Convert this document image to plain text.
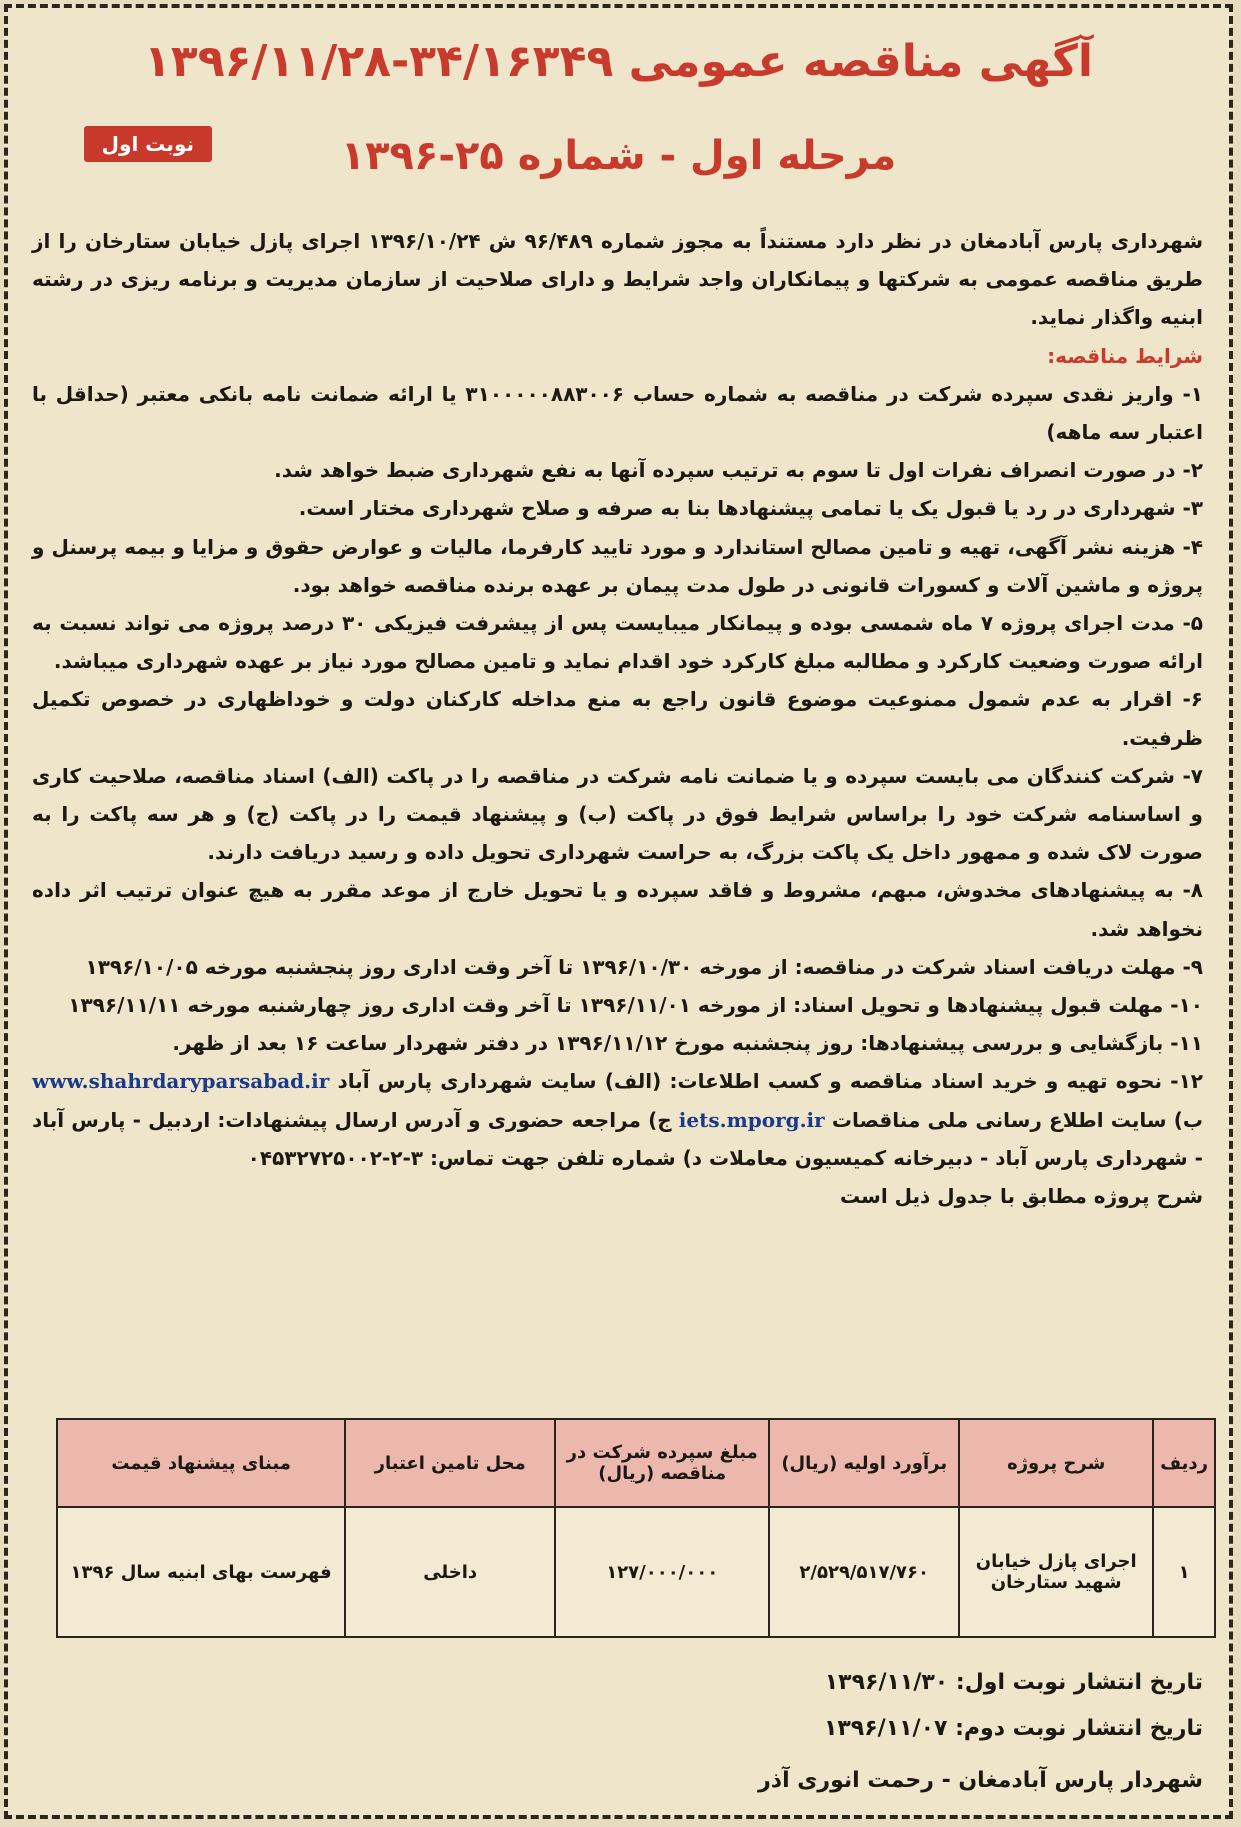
آگهی مناقصه عمومی ۳۴/۱۶۳۴۹-۱۳۹۶/۱۱/۲۸
نوبت اول	مرحله اول - شماره ۲۵-۱۳۹۶

شهرداری پارس آبادمغان در نظر دارد مستنداً به مجوز شماره ۹۶/۴۸۹ ش ۱۳۹۶/۱۰/۲۴ اجرای پازل خیابان ستارخان را از طریق مناقصه عمومی به شرکتها و پیمانکاران واجد شرایط و دارای صلاحیت از سازمان مدیریت و برنامه ریزی در رشته ابنیه واگذار نماید.

شرایط مناقصه:

۱- واریز نقدی سپرده شرکت در مناقصه به شماره حساب ۳۱۰۰۰۰۰۸۸۳۰۰۶ یا ارائه ضمانت نامه بانکی معتبر (حداقل با اعتبار سه ماهه)

۲- در صورت انصراف نفرات اول تا سوم به ترتیب سپرده آنها به نفع شهرداری ضبط خواهد شد.

۳- شهرداری در رد یا قبول یک یا تمامی پیشنهادها بنا به صرفه و صلاح شهرداری مختار است.

۴- هزینه نشر آگهی، تهیه و تامین مصالح استاندارد و مورد تایید کارفرما، مالیات و عوارض حقوق و مزایا و بیمه پرسنل و پروژه و ماشین آلات و کسورات قانونی در طول مدت پیمان بر عهده برنده مناقصه خواهد بود.

۵- مدت اجرای پروژه ۷ ماه شمسی بوده و پیمانکار میبایست پس از پیشرفت فیزیکی ۳۰ درصد پروژه می تواند نسبت به ارائه صورت وضعیت کارکرد و مطالبه مبلغ کارکرد خود اقدام نماید و تامین مصالح مورد نیاز بر عهده شهرداری میباشد.

۶- اقرار به عدم شمول ممنوعیت موضوع قانون راجع به منع مداخله کارکنان دولت و خوداظهاری در خصوص تکمیل ظرفیت.

۷- شرکت کنندگان می بایست سپرده و یا ضمانت نامه شرکت در مناقصه را در پاکت (الف) اسناد مناقصه، صلاحیت کاری و اساسنامه شرکت خود را براساس شرایط فوق در پاکت (ب) و پیشنهاد قیمت را در پاکت (ج) و هر سه پاکت را به صورت لاک شده و ممهور داخل یک پاکت بزرگ، به حراست شهرداری تحویل داده و رسید دریافت دارند.

۸- به پیشنهادهای مخدوش، مبهم، مشروط و فاقد سپرده و یا تحویل خارج از موعد مقرر به هیچ عنوان ترتیب اثر داده نخواهد شد.

۹- مهلت دریافت اسناد شرکت در مناقصه: از مورخه ۱۳۹۶/۱۰/۳۰ تا آخر وقت اداری روز پنجشنبه مورخه ۱۳۹۶/۱۰/۰۵

۱۰- مهلت قبول پیشنهادها و تحویل اسناد: از مورخه ۱۳۹۶/۱۱/۰۱ تا آخر وقت اداری روز چهارشنبه مورخه ۱۳۹۶/۱۱/۱۱

۱۱- بازگشایی و بررسی پیشنهادها: روز پنجشنبه مورخ ۱۳۹۶/۱۱/۱۲ در دفتر شهردار ساعت ۱۶ بعد از ظهر.

۱۲- نحوه تهیه و خرید اسناد مناقصه و کسب اطلاعات: (الف) سایت شهرداری پارس آباد www.shahrdaryparsabad.ir ب) سایت اطلاع رسانی ملی مناقصات iets.mporg.ir ج) مراجعه حضوری و آدرس ارسال پیشنهادات: اردبیل - پارس آباد - شهرداری پارس آباد - دبیرخانه کمیسیون معاملات د) شماره تلفن جهت تماس: ۳-۲-۰۴۵۳۲۷۲۵۰۰۲

شرح پروژه مطابق با جدول ذیل است

ردیف	شرح پروژه	برآورد اولیه (ریال)	مبلغ سپرده شرکت در مناقصه (ریال)	محل تامین اعتبار	مبنای پیشنهاد قیمت
۱	اجرای پازل خیابان شهید ستارخان	۲/۵۲۹/۵۱۷/۷۶۰	۱۲۷/۰۰۰/۰۰۰	داخلی	فهرست بهای ابنیه سال ۱۳۹۶
تاریخ انتشار نوبت اول: ۱۳۹۶/۱۱/۳۰
تاریخ انتشار نوبت دوم: ۱۳۹۶/۱۱/۰۷
شهردار پارس آبادمغان - رحمت انوری آذر
